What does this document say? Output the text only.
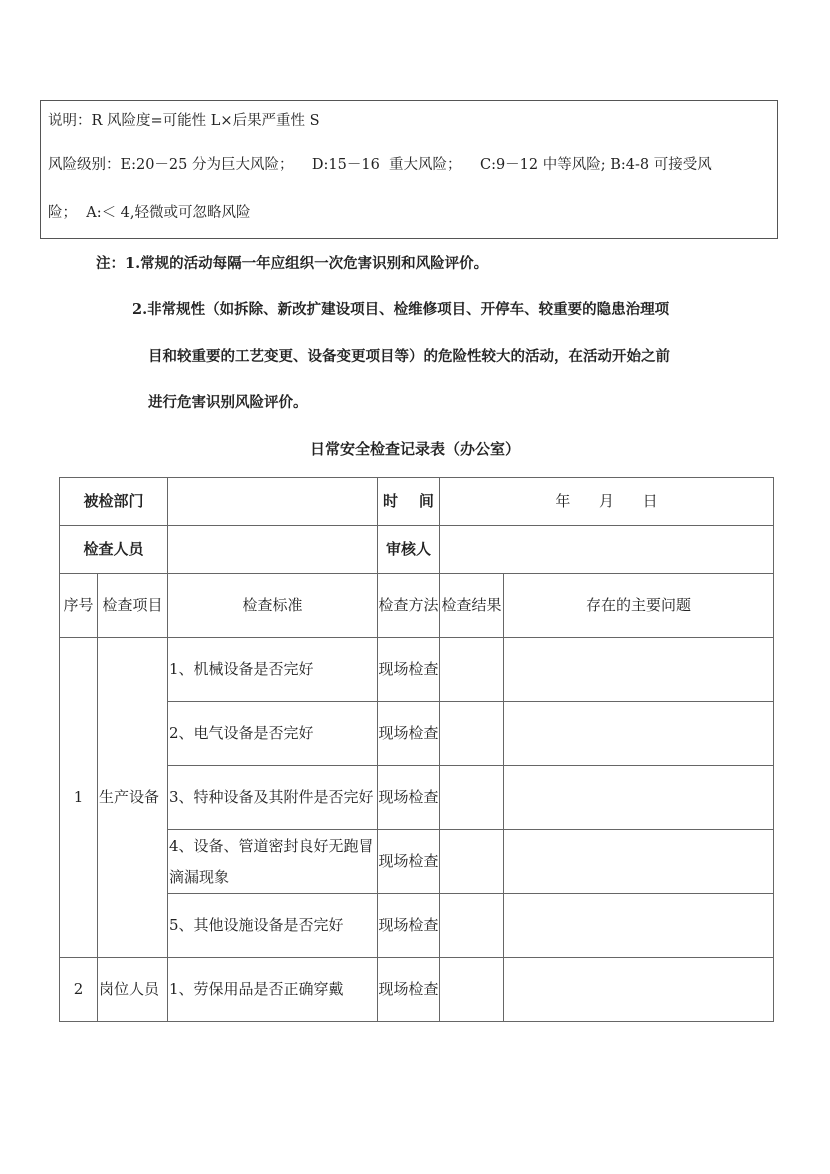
说明：R 风险度=可能性 L×后果严重性 S
风险级别：E:20－25 分为巨大风险；    D:15－16  重大风险；    C:9－12 中等风险; B:4-8 可接受风
险；  A:＜ 4,轻微或可忽略风险
注：1.常规的活动每隔一年应组织一次危害识别和风险评价。
2.非常规性（如拆除、新改扩建设项目、检维修项目、开停车、较重要的隐患治理项
目和较重要的工艺变更、设备变更项目等）的危险性较大的活动，在活动开始之前
进行危害识别风险评价。
日常安全检查记录表（办公室）
被检部门			时    间	年      月      日	
检查人员			审核人		
序号	检查项目	检查标准	检查方法	检查结果	存在的主要问题
1	生产设备	1、机械设备是否完好	现场检查		
		2、电气设备是否完好	现场检查		
		3、特种设备及其附件是否完好	现场检查		
		4、设备、管道密封良好无跑冒滴漏现象	现场检查		
		5、其他设施设备是否完好	现场检查		
2	岗位人员	1、劳保用品是否正确穿戴	现场检查		
